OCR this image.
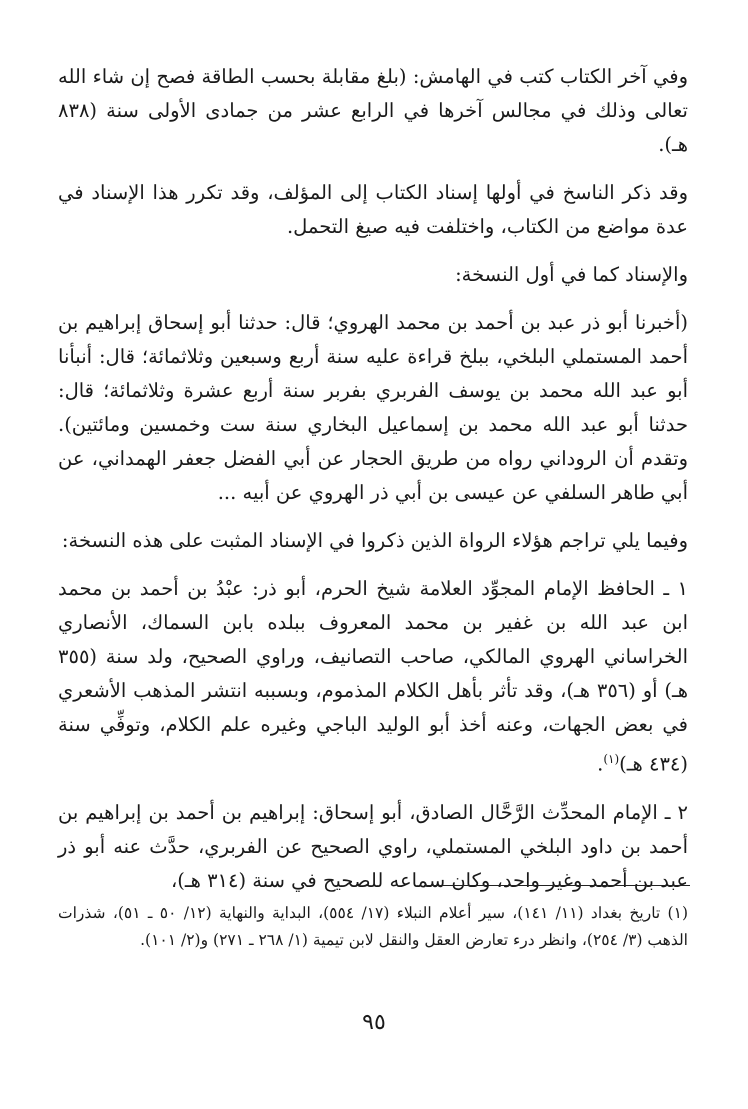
وفي آخر الكتاب كتب في الهامش: (بلغ مقابلة بحسب الطاقة فصح إن شاء الله تعالى وذلك في مجالس آخرها في الرابع عشر من جمادى الأولى سنة (٨٣٨ هـ).

وقد ذكر الناسخ في أولها إسناد الكتاب إلى المؤلف، وقد تكرر هذا الإسناد في عدة مواضع من الكتاب، واختلفت فيه صيغ التحمل.

والإسناد كما في أول النسخة:

(أخبرنا أبو ذر عبد بن أحمد بن محمد الهروي؛ قال: حدثنا أبو إسحاق إبراهيم بن أحمد المستملي البلخي، ببلخ قراءة عليه سنة أربع وسبعين وثلاثمائة؛ قال: أنبأنا أبو عبد الله محمد بن يوسف الفربري بفربر سنة أربع عشرة وثلاثمائة؛ قال: حدثنا أبو عبد الله محمد بن إسماعيل البخاري سنة ست وخمسين ومائتين). وتقدم أن الروداني رواه من طريق الحجار عن أبي الفضل جعفر الهمداني، عن أبي طاهر السلفي عن عيسى بن أبي ذر الهروي عن أبيه ...

وفيما يلي تراجم هؤلاء الرواة الذين ذكروا في الإسناد المثبت على هذه النسخة:

١ ـ الحافظ الإمام المجوِّد العلامة شيخ الحرم، أبو ذر: عبْدُ بن أحمد بن محمد ابن عبد الله بن غفير بن محمد المعروف ببلده بابن السماك، الأنصاري الخراساني الهروي المالكي، صاحب التصانيف، وراوي الصحيح، ولد سنة (٣٥٥ هـ) أو (٣٥٦ هـ)، وقد تأثر بأهل الكلام المذموم، وبسببه انتشر المذهب الأشعري في بعض الجهات، وعنه أخذ أبو الوليد الباجي وغيره علم الكلام، وتوفِّي سنة (٤٣٤ هـ)$^{(١)}$.

٢ ـ الإمام المحدِّث الرَّحَّال الصادق، أبو إسحاق: إبراهيم بن أحمد بن إبراهيم بن أحمد بن داود البلخي المستملي، راوي الصحيح عن الفربري، حدَّث عنه أبو ذر عبد بن أحمد وغير واحد، وكان سماعه للصحيح في سنة (٣١٤ هـ)،

(١) تاريخ بغداد (١١/ ١٤١)، سير أعلام النبلاء (١٧/ ٥٥٤)، البداية والنهاية (١٢/ ٥٠ ـ ٥١)، شذرات الذهب (٣/ ٢٥٤)، وانظر درء تعارض العقل والنقل لابن تيمية (١/ ٢٦٨ ـ ٢٧١) و(٢/ ١٠١).

٩٥
